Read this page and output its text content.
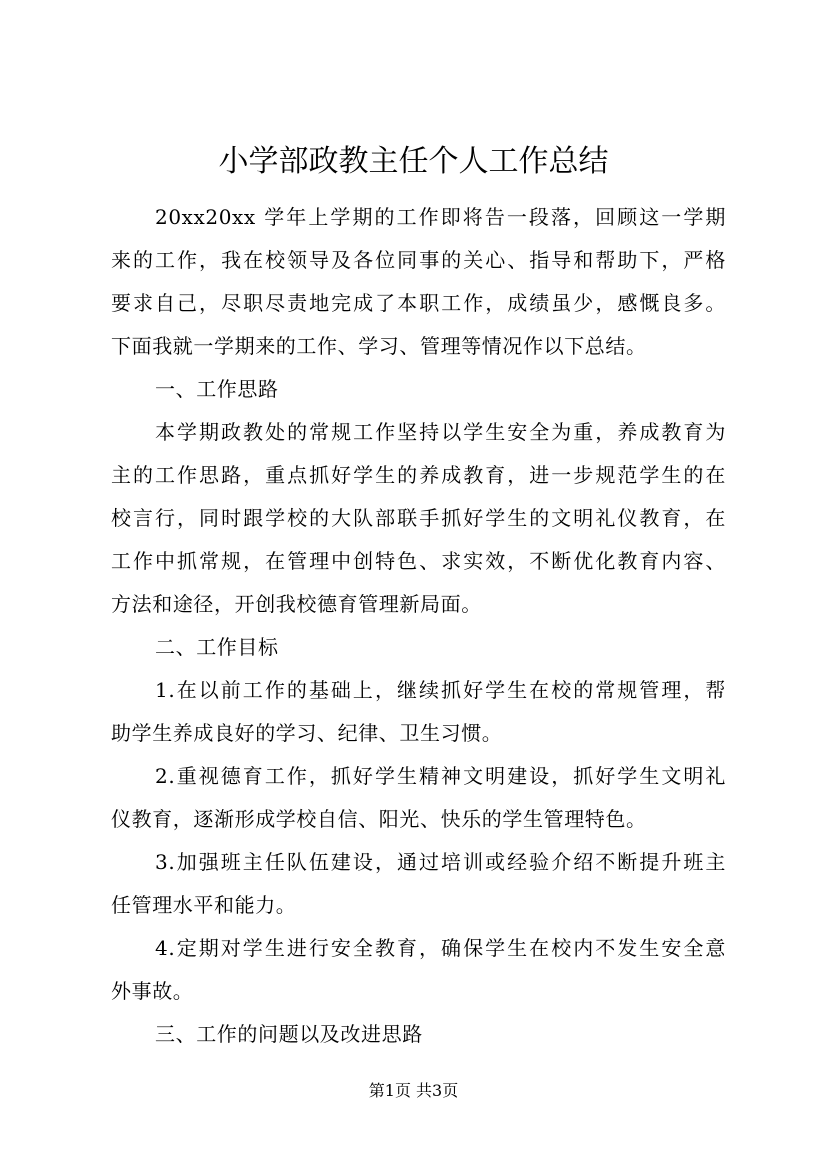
小学部政教主任个人工作总结
20xx20xx 学年上学期的工作即将告一段落，回顾这一学期
来的工作，我在校领导及各位同事的关心、指导和帮助下，严格
要求自己，尽职尽责地完成了本职工作，成绩虽少，感慨良多。
下面我就一学期来的工作、学习、管理等情况作以下总结。
一、工作思路
本学期政教处的常规工作坚持以学生安全为重，养成教育为
主的工作思路，重点抓好学生的养成教育，进一步规范学生的在
校言行，同时跟学校的大队部联手抓好学生的文明礼仪教育，在
工作中抓常规，在管理中创特色、求实效，不断优化教育内容、
方法和途径，开创我校德育管理新局面。
二、工作目标
1.在以前工作的基础上，继续抓好学生在校的常规管理，帮
助学生养成良好的学习、纪律、卫生习惯。
2.重视德育工作，抓好学生精神文明建设，抓好学生文明礼
仪教育，逐渐形成学校自信、阳光、快乐的学生管理特色。
3.加强班主任队伍建设，通过培训或经验介绍不断提升班主
任管理水平和能力。
4.定期对学生进行安全教育，确保学生在校内不发生安全意
外事故。
三、工作的问题以及改进思路
第1页 共3页
